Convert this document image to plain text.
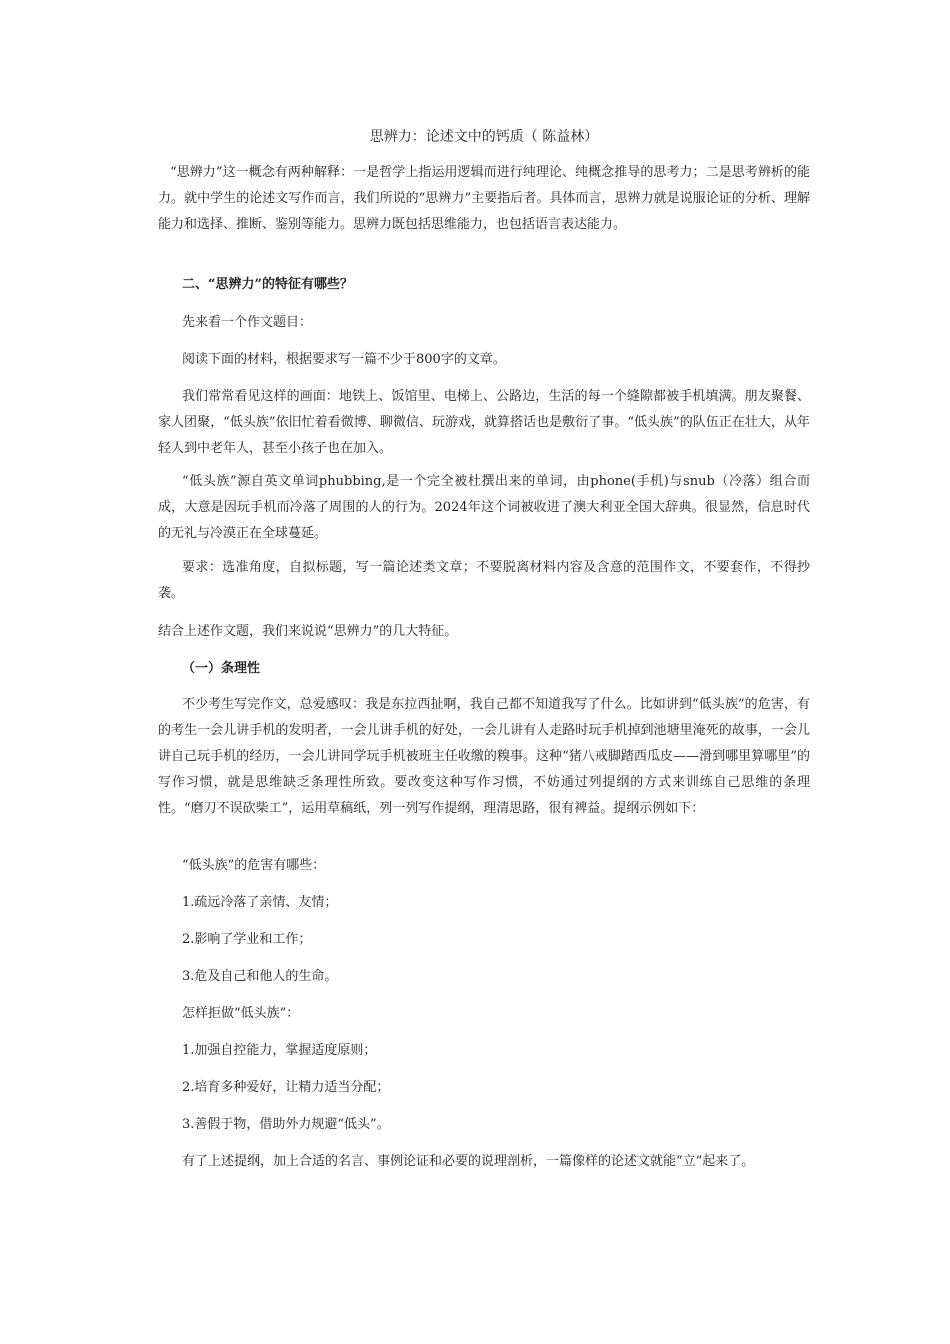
思辨力：论述文中的钙质（ 陈益林）

“思辨力”这一概念有两种解释：一是哲学上指运用逻辑而进行纯理论、纯概念推导的思考力；二是思考辨析的能力。就中学生的论述文写作而言，我们所说的“思辨力”主要指后者。具体而言，思辨力就是说服论证的分析、理解能力和选择、推断、鉴别等能力。思辨力既包括思维能力，也包括语言表达能力。

二、“思辨力”的特征有哪些？

先来看一个作文题目：

阅读下面的材料，根据要求写一篇不少于800字的文章。

我们常常看见这样的画面：地铁上、饭馆里、电梯上、公路边，生活的每一个缝隙都被手机填满。朋友聚餐、家人团聚，“低头族”依旧忙着看微博、聊微信、玩游戏，就算搭话也是敷衍了事。“低头族”的队伍正在壮大，从年轻人到中老年人，甚至小孩子也在加入。

“低头族”源自英文单词phubbing,是一个完全被杜撰出来的单词，由phone(手机)与snub（冷落）组合而成，大意是因玩手机而冷落了周围的人的行为。2024年这个词被收进了澳大利亚全国大辞典。很显然，信息时代的无礼与冷漠正在全球蔓延。

要求：选准角度，自拟标题，写一篇论述类文章；不要脱离材料内容及含意的范围作文，不要套作，不得抄袭。

结合上述作文题，我们来说说“思辨力”的几大特征。

（一）条理性

不少考生写完作文，总爱感叹：我是东拉西扯啊，我自己都不知道我写了什么。比如讲到“低头族”的危害，有的考生一会儿讲手机的发明者，一会儿讲手机的好处，一会儿讲有人走路时玩手机掉到池塘里淹死的故事，一会儿讲自己玩手机的经历，一会儿讲同学玩手机被班主任收缴的糗事。这种“猪八戒脚踏西瓜皮——滑到哪里算哪里”的写作习惯，就是思维缺乏条理性所致。要改变这种写作习惯，不妨通过列提纲的方式来训练自己思维的条理性。“磨刀不误砍柴工”，运用草稿纸，列一列写作提纲，理清思路，很有裨益。提纲示例如下：

“低头族”的危害有哪些：

1.疏远冷落了亲情、友情；

2.影响了学业和工作；

3.危及自己和他人的生命。

怎样拒做“低头族”：

1.加强自控能力，掌握适度原则；

2.培育多种爱好，让精力适当分配；

3.善假于物，借助外力规避“低头”。

有了上述提纲，加上合适的名言、事例论证和必要的说理剖析，一篇像样的论述文就能“立”起来了。
